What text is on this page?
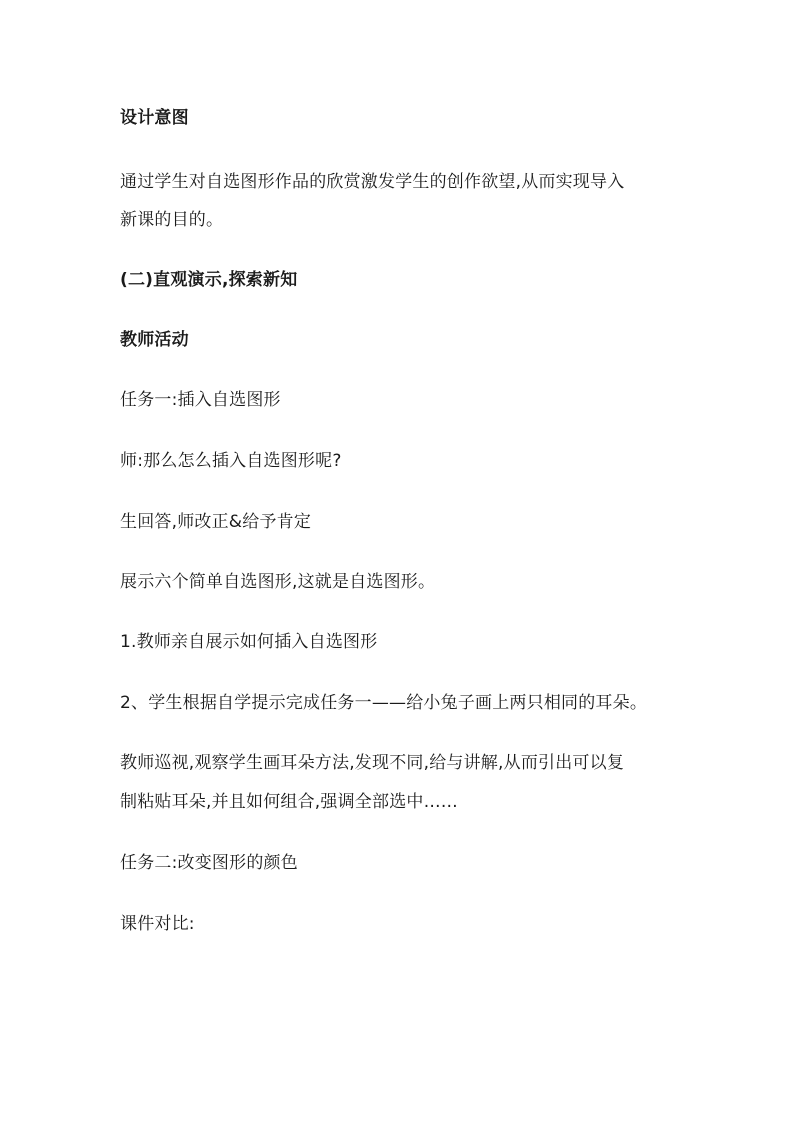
设计意图

通过学生对自选图形作品的欣赏激发学生的创作欲望,从而实现导入

新课的目的。

(二)直观演示,探索新知

教师活动

任务一:插入自选图形

师:那么怎么插入自选图形呢?

生回答,师改正&给予肯定

展示六个简单自选图形,这就是自选图形。

1.教师亲自展示如何插入自选图形

2、学生根据自学提示完成任务一——给小兔子画上两只相同的耳朵。

教师巡视,观察学生画耳朵方法,发现不同,给与讲解,从而引出可以复

制粘贴耳朵,并且如何组合,强调全部选中……

任务二:改变图形的颜色

课件对比:
